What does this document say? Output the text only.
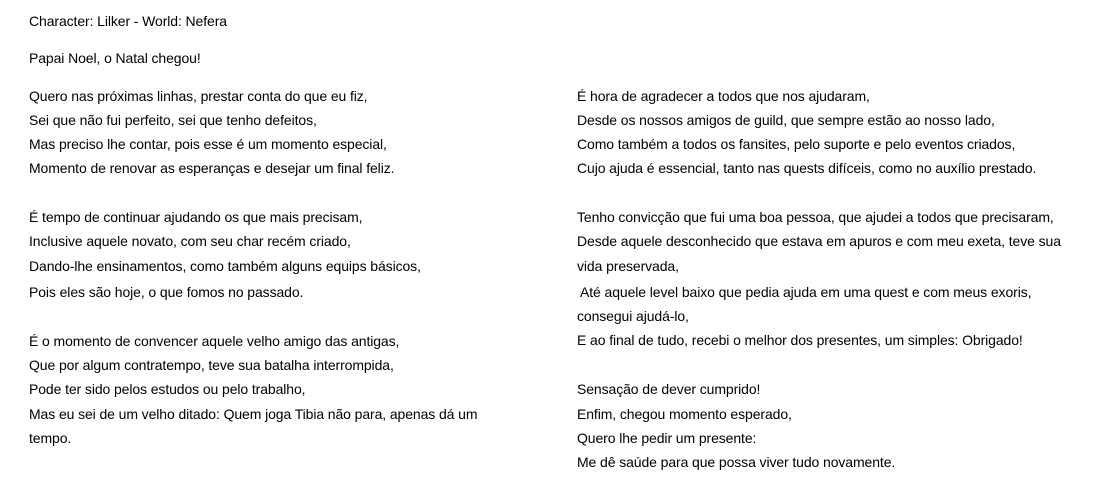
Character: Lilker - World: Nefera
Papai Noel, o Natal chegou!
Quero nas próximas linhas, prestar conta do que eu fiz,
Sei que não fui perfeito, sei que tenho defeitos,
Mas preciso lhe contar, pois esse é um momento especial,
Momento de renovar as esperanças e desejar um final feliz.
É tempo de continuar ajudando os que mais precisam,
Inclusive aquele novato, com seu char recém criado,
Dando-lhe ensinamentos, como também alguns equips básicos,
Pois eles são hoje, o que fomos no passado.
É o momento de convencer aquele velho amigo das antigas,
Que por algum contratempo, teve sua batalha interrompida,
Pode ter sido pelos estudos ou pelo trabalho,
Mas eu sei de um velho ditado: Quem joga Tibia não para, apenas dá um
tempo.
É hora de agradecer a todos que nos ajudaram,
Desde os nossos amigos de guild, que sempre estão ao nosso lado,
Como também a todos os fansites, pelo suporte e pelo eventos criados,
Cujo ajuda é essencial, tanto nas quests difíceis, como no auxílio prestado.
Tenho convicção que fui uma boa pessoa, que ajudei a todos que precisaram,
Desde aquele desconhecido que estava em apuros e com meu exeta, teve sua
vida preservada,
Até aquele level baixo que pedia ajuda em uma quest e com meus exoris,
consegui ajudá-lo,
E ao final de tudo, recebi o melhor dos presentes, um simples: Obrigado!
Sensação de dever cumprido!
Enfim, chegou momento esperado,
Quero lhe pedir um presente:
Me dê saúde para que possa viver tudo novamente.
